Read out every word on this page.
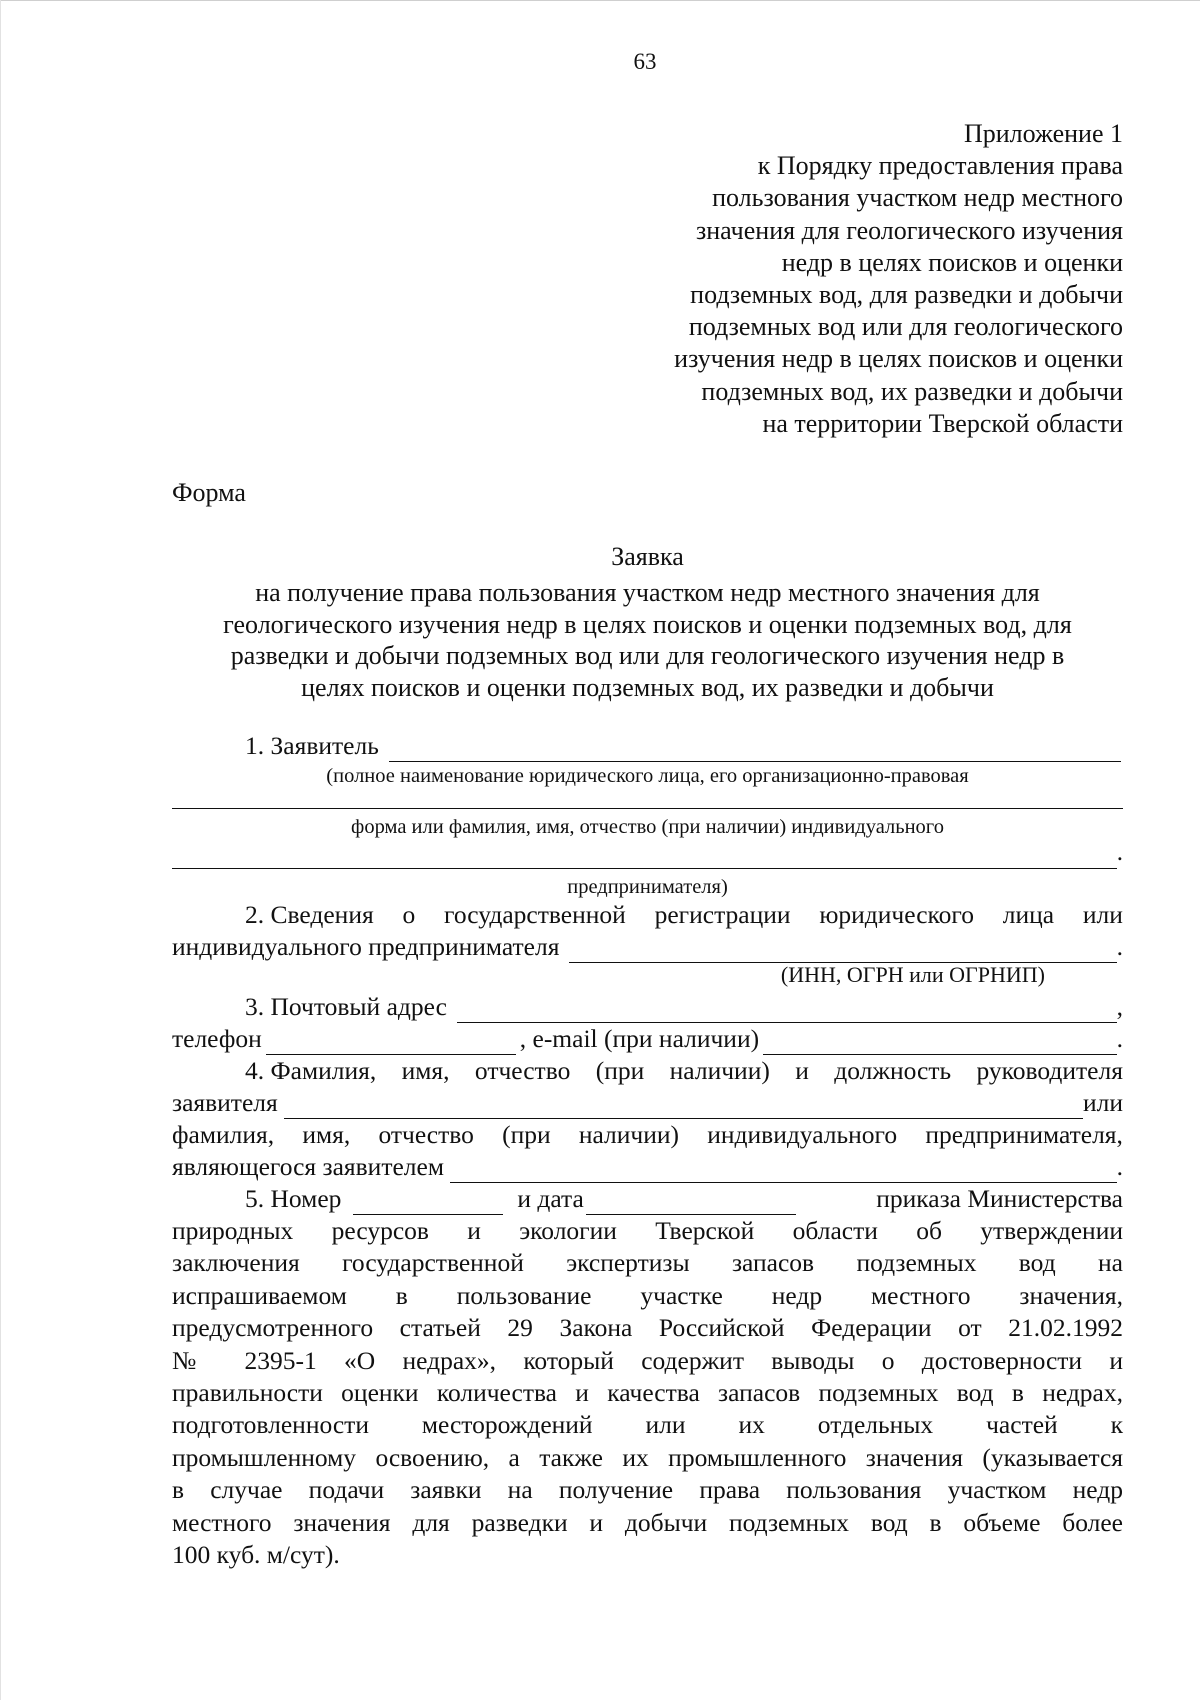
63
Приложение 1
к Порядку предоставления права
пользования участком недр местного
значения для геологического изучения
недр в целях поисков и оценки
подземных вод, для разведки и добычи
подземных вод или для геологического
изучения недр в целях поисков и оценки
подземных вод, их разведки и добычи
на территории Тверской области
Форма
Заявка
на получение права пользования участком недр местного значения для
геологического изучения недр в целях поисков и оценки подземных вод, для
разведки и добычи подземных вод или для геологического изучения недр в
целях поисков и оценки подземных вод, их разведки и добычи
1. Заявитель
(полное наименование юридического лица, его организационно-правовая
форма или фамилия, имя, отчество (при наличии) индивидуального
.
предпринимателя)
2. Сведения о государственной регистрации юридического лица или
индивидуального предпринимателя	.
(ИНН, ОГРН или ОГРНИП)
3. Почтовый адрес	,
телефон	, e-mail (при наличии)	.
4. Фамилия, имя, отчество (при наличии) и должность руководителя
заявителя	или
фамилия, имя, отчество (при наличии) индивидуального предпринимателя,
являющегося заявителем	.
5. Номер	и дата	приказа Министерства
природных ресурсов и экологии Тверской области об утверждении
заключения государственной экспертизы запасов подземных вод на
испрашиваемом в пользование участке недр местного значения,
предусмотренного статьей 29 Закона Российской Федерации от 21.02.1992
№ 2395-1 «О недрах», который содержит выводы о достоверности и
правильности оценки количества и качества запасов подземных вод в недрах,
подготовленности месторождений или их отдельных частей к
промышленному освоению, а также их промышленного значения (указывается
в случае подачи заявки на получение права пользования участком недр
местного значения для разведки и добычи подземных вод в объеме более
100 куб. м/сут).
